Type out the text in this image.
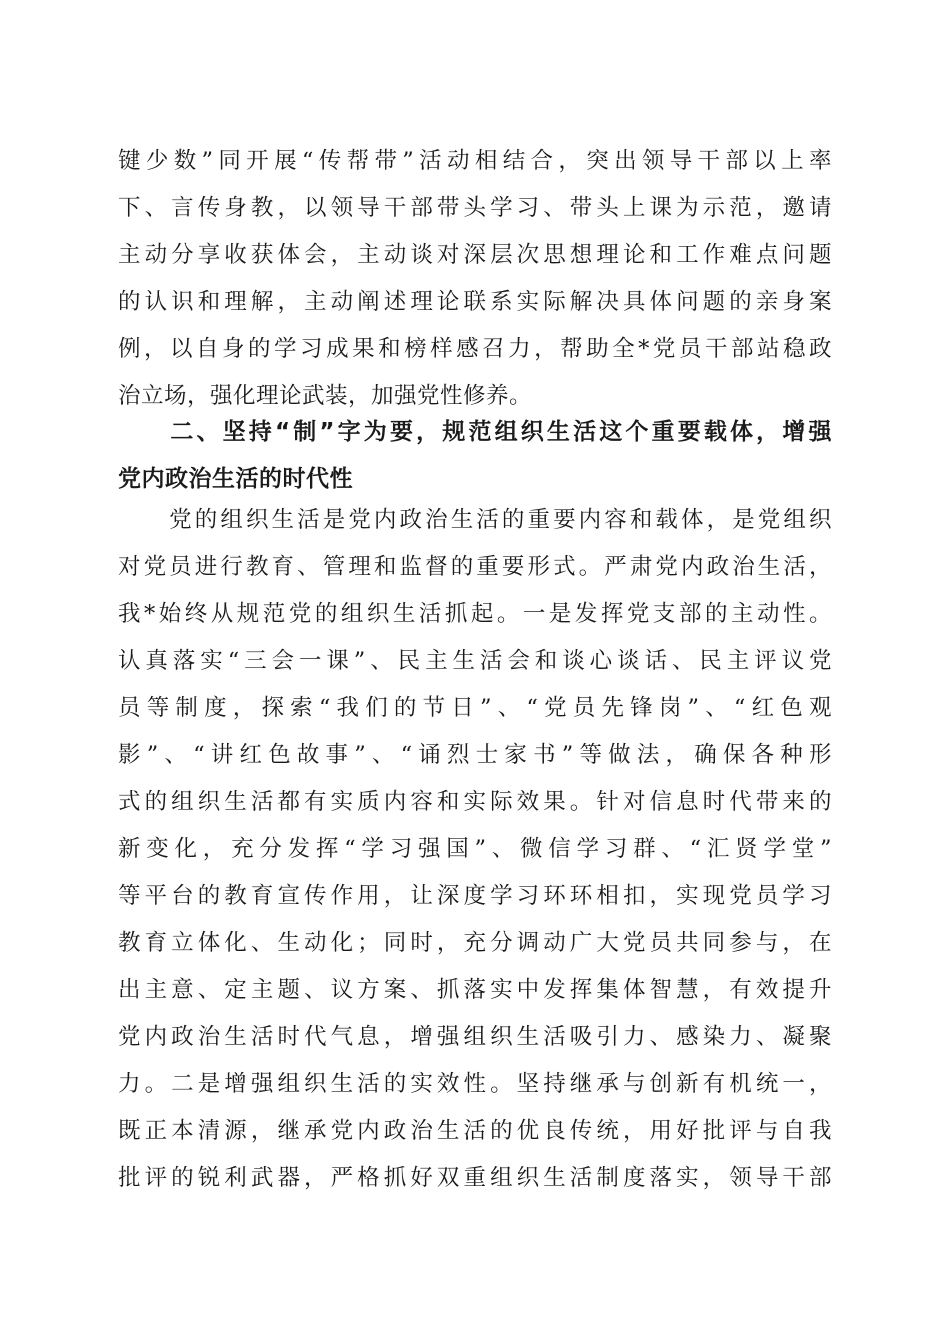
键少数”同开展“传帮带”活动相结合，突出领导干部以上率
下、言传身教，以领导干部带头学习、带头上课为示范，邀请
主动分享收获体会，主动谈对深层次思想理论和工作难点问题
的认识和理解，主动阐述理论联系实际解决具体问题的亲身案
例，以自身的学习成果和榜样感召力，帮助全*党员干部站稳政
治立场，强化理论武装，加强党性修养。
　　二、坚持“制”字为要，规范组织生活这个重要载体，增强
党内政治生活的时代性
　　党的组织生活是党内政治生活的重要内容和载体，是党组织
对党员进行教育、管理和监督的重要形式。严肃党内政治生活，
我*始终从规范党的组织生活抓起。一是发挥党支部的主动性。
认真落实“三会一课”、民主生活会和谈心谈话、民主评议党
员等制度，探索“我们的节日”、“党员先锋岗”、“红色观
影”、“讲红色故事”、“诵烈士家书”等做法，确保各种形
式的组织生活都有实质内容和实际效果。针对信息时代带来的
新变化，充分发挥“学习强国”、微信学习群、“汇贤学堂”
等平台的教育宣传作用，让深度学习环环相扣，实现党员学习
教育立体化、生动化；同时，充分调动广大党员共同参与，在
出主意、定主题、议方案、抓落实中发挥集体智慧，有效提升
党内政治生活时代气息，增强组织生活吸引力、感染力、凝聚
力。二是增强组织生活的实效性。坚持继承与创新有机统一，
既正本清源，继承党内政治生活的优良传统，用好批评与自我
批评的锐利武器，严格抓好双重组织生活制度落实，领导干部
